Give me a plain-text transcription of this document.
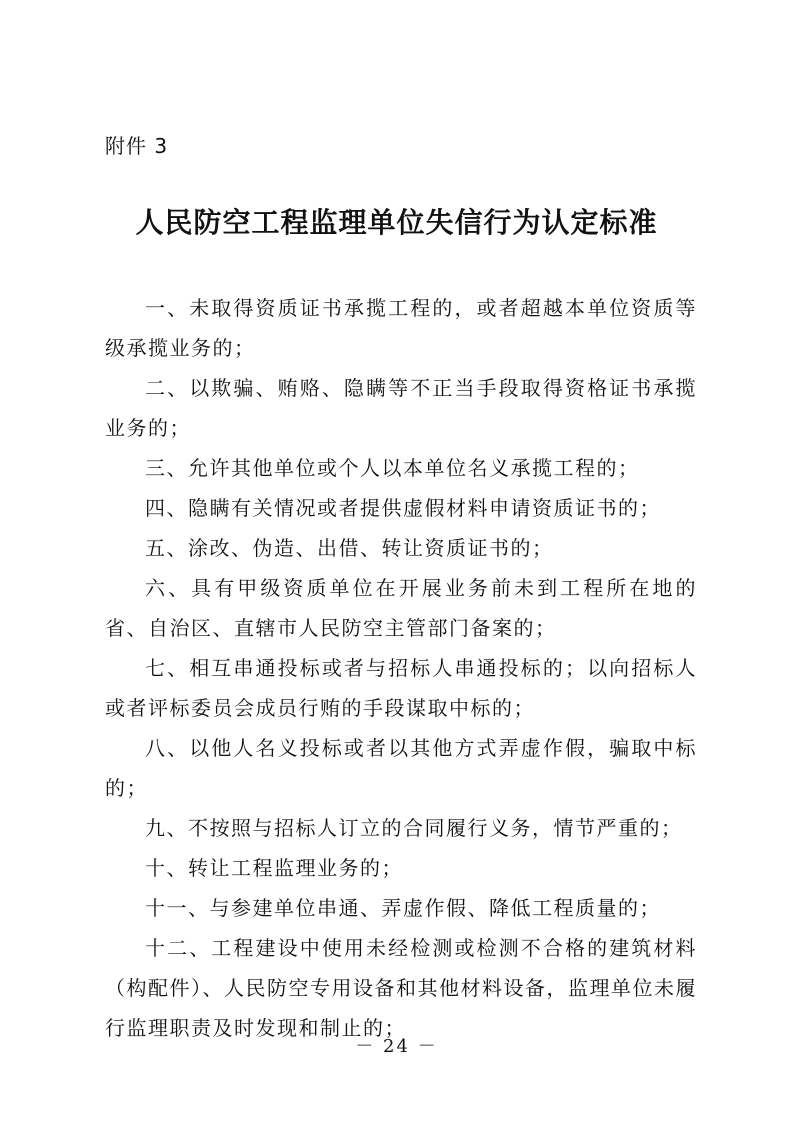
附件 3
人民防空工程监理单位失信行为认定标准

一、未取得资质证书承揽工程的，或者超越本单位资质等级承揽业务的；

二、以欺骗、贿赂、隐瞒等不正当手段取得资格证书承揽业务的；

三、允许其他单位或个人以本单位名义承揽工程的；

四、隐瞒有关情况或者提供虚假材料申请资质证书的；

五、涂改、伪造、出借、转让资质证书的；

六、具有甲级资质单位在开展业务前未到工程所在地的省、自治区、直辖市人民防空主管部门备案的；

七、相互串通投标或者与招标人串通投标的；以向招标人或者评标委员会成员行贿的手段谋取中标的；

八、以他人名义投标或者以其他方式弄虚作假，骗取中标的；

九、不按照与招标人订立的合同履行义务，情节严重的；

十、转让工程监理业务的；

十一、与参建单位串通、弄虚作假、降低工程质量的；

十二、工程建设中使用未经检测或检测不合格的建筑材料（构配件）、人民防空专用设备和其他材料设备，监理单位未履行监理职责及时发现和制止的；

－ 24 －
